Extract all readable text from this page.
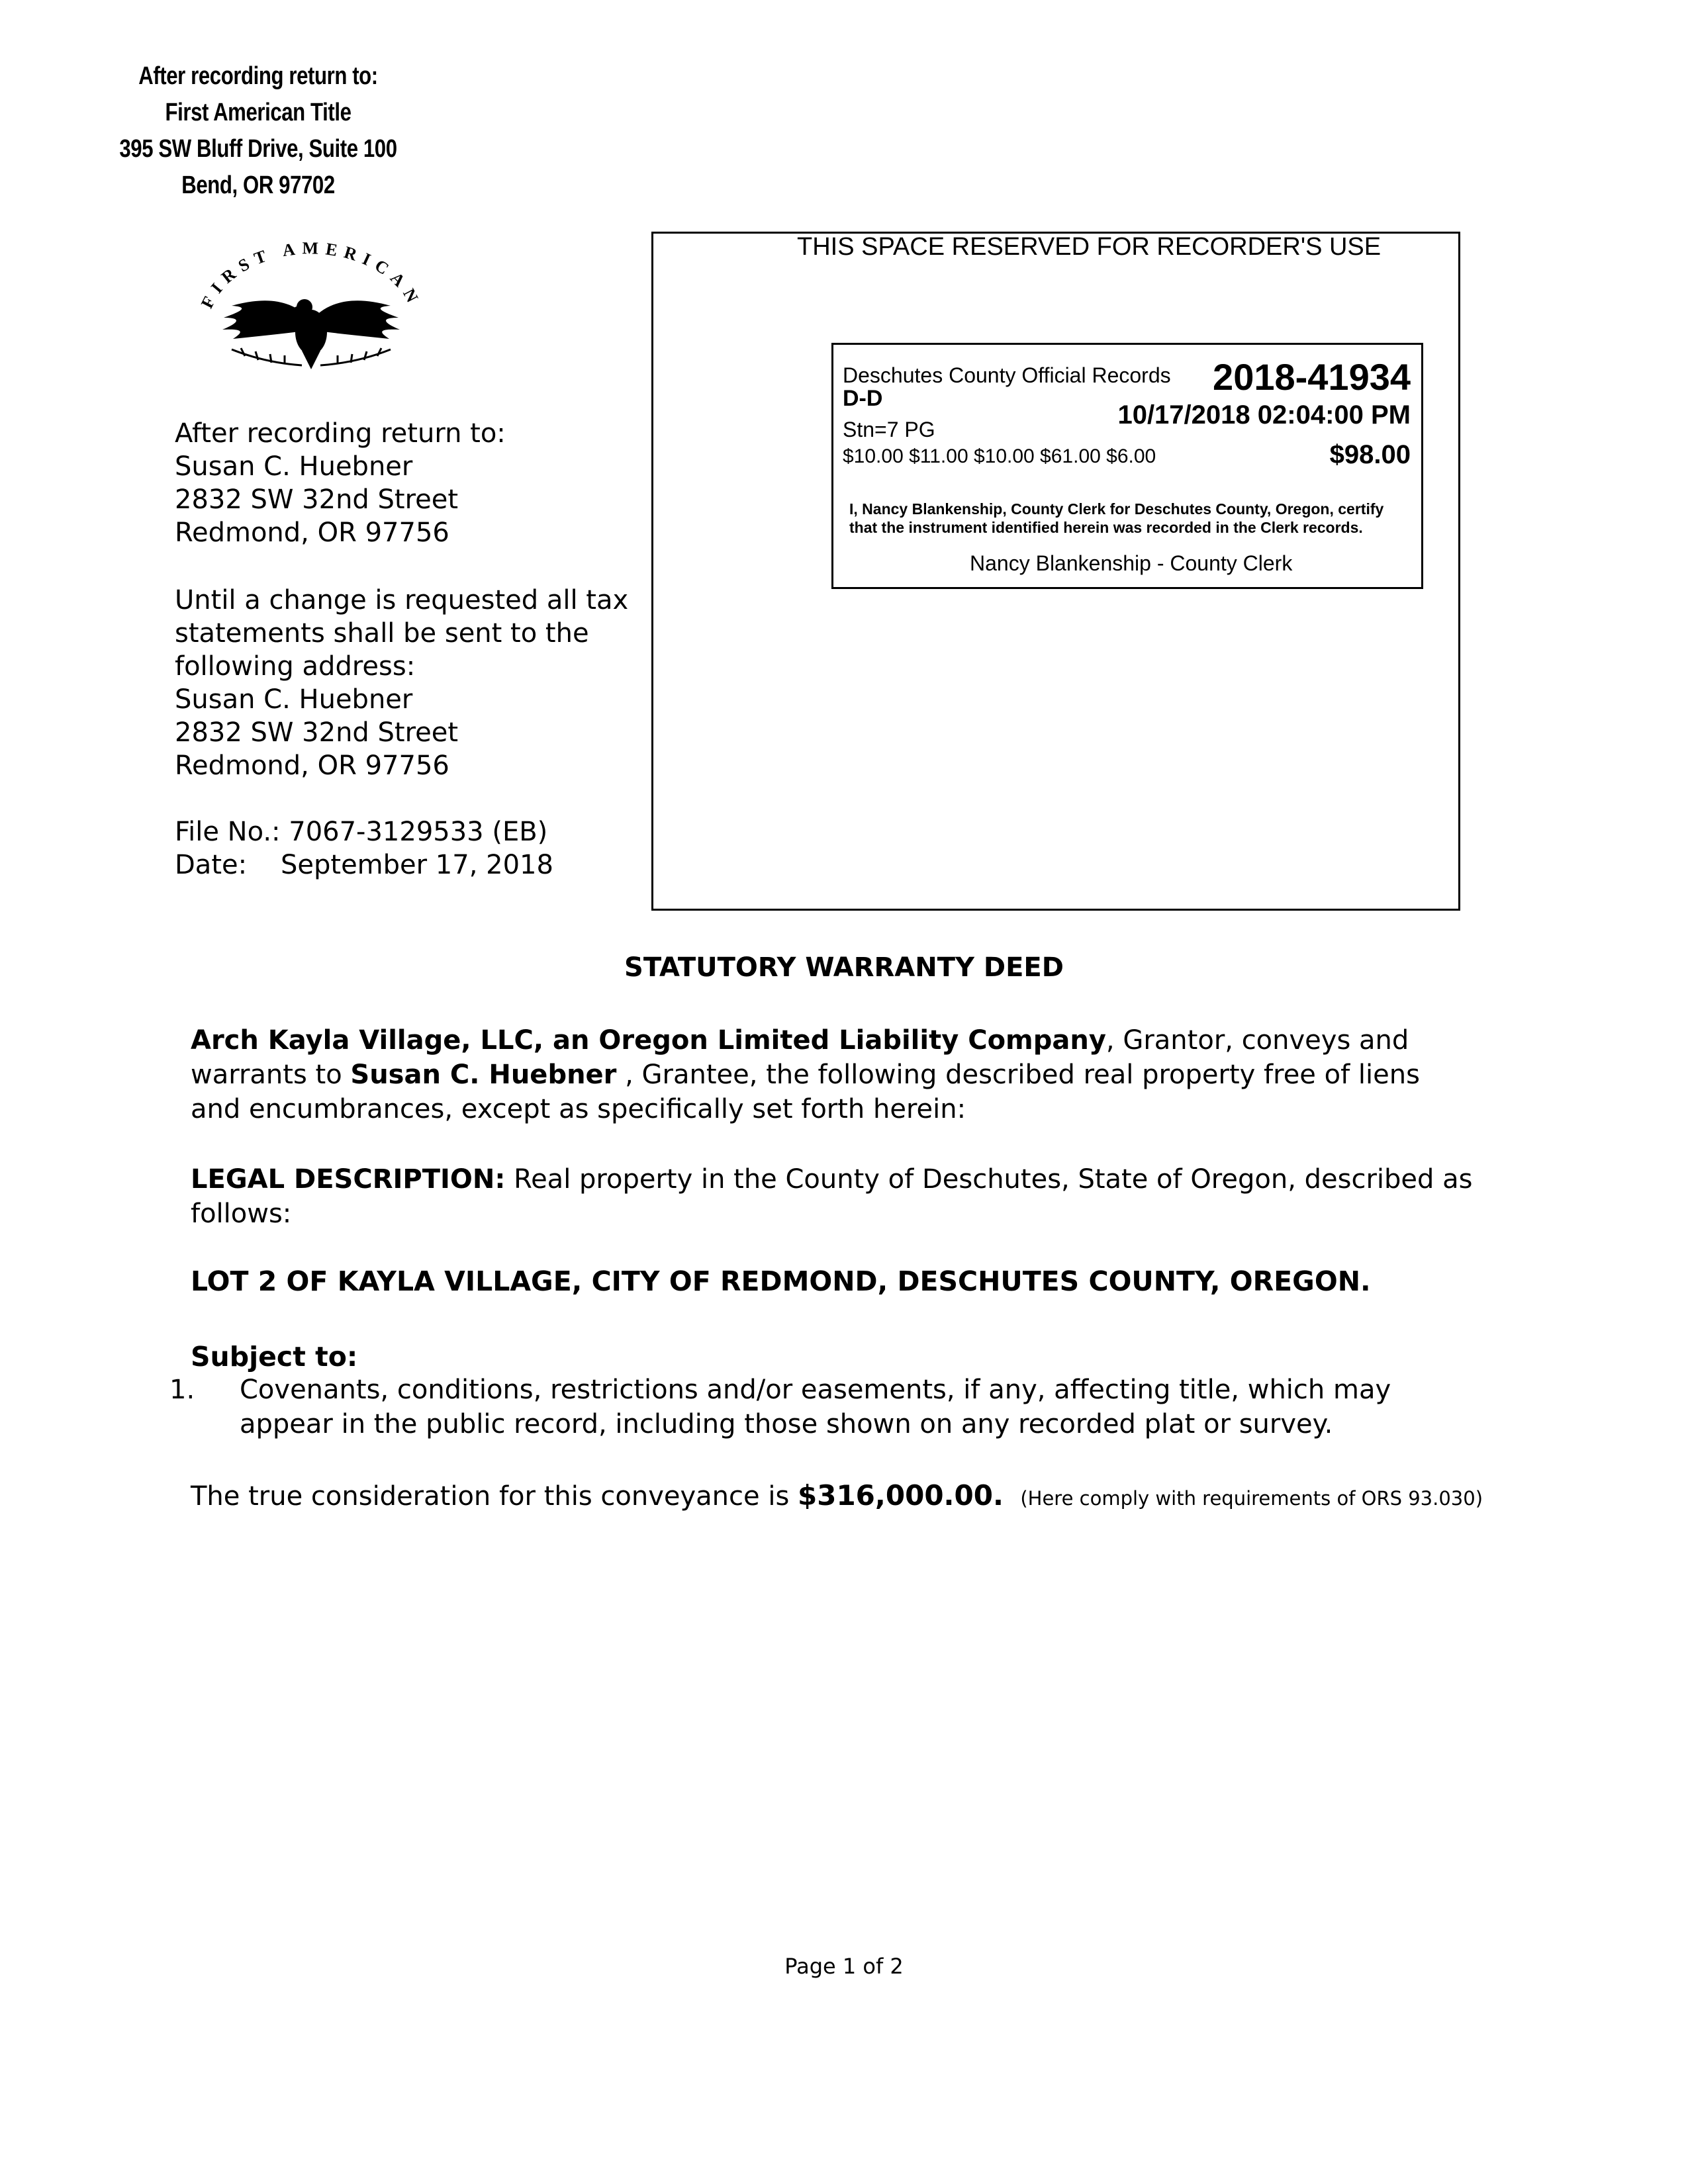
After recording return to:
First American Title
395 SW Bluff Drive, Suite 100
Bend, OR 97702
FIRST AMERICAN
After recording return to:
Susan C. Huebner
2832 SW 32nd Street
Redmond, OR 97756
Until a change is requested all tax
statements shall be sent to the
following address:
Susan C. Huebner
2832 SW 32nd Street
Redmond, OR 97756
File No.: 7067-3129533 (EB)
Date: September 17, 2018
THIS SPACE RESERVED FOR RECORDER'S USE
Deschutes County Official Records 2018-41934
D-D
Stn=7 PG	10/17/2018 02:04:00 PM
$10.00 $11.00 $10.00 $61.00 $6.00	$98.00
I, Nancy Blankenship, County Clerk for Deschutes County, Oregon, certify that the instrument identified herein was recorded in the Clerk records.
Nancy Blankenship - County Clerk
STATUTORY WARRANTY DEED
Arch Kayla Village, LLC, an Oregon Limited Liability Company, Grantor, conveys and warrants to Susan C. Huebner , Grantee, the following described real property free of liens and encumbrances, except as specifically set forth herein:
LEGAL DESCRIPTION: Real property in the County of Deschutes, State of Oregon, described as follows:
LOT 2 OF KAYLA VILLAGE, CITY OF REDMOND, DESCHUTES COUNTY, OREGON.
Subject to:
1. Covenants, conditions, restrictions and/or easements, if any, affecting title, which may appear in the public record, including those shown on any recorded plat or survey.
The true consideration for this conveyance is $316,000.00. (Here comply with requirements of ORS 93.030)
Page 1 of 2
